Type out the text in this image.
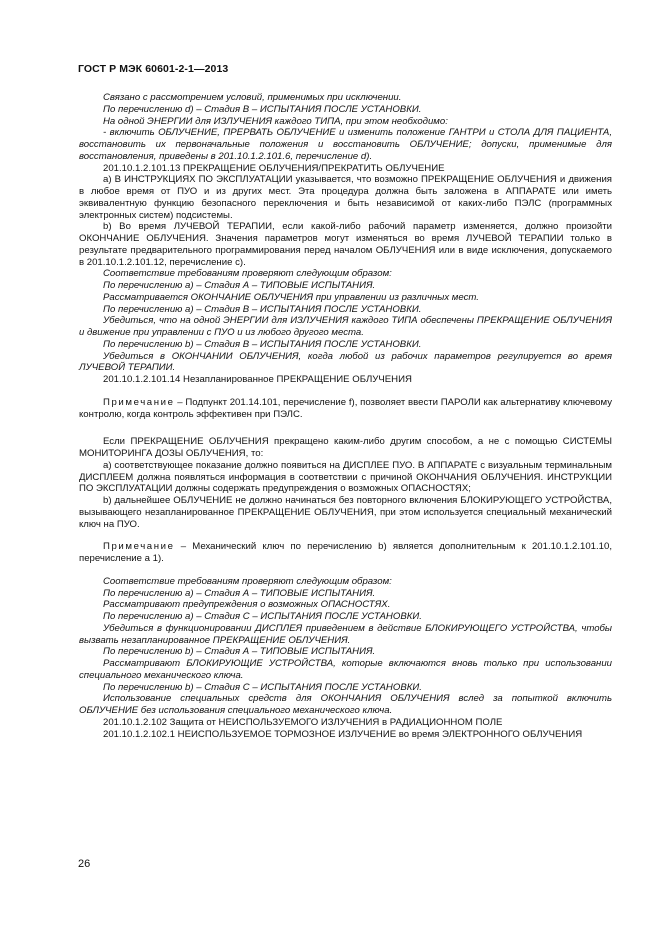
ГОСТ Р МЭК 60601-2-1—2013

Связано с рассмотрением условий, применимых при исключении.

По перечислению d) – Стадия В – ИСПЫТАНИЯ ПОСЛЕ УСТАНОВКИ.

На одной ЭНЕРГИИ для ИЗЛУЧЕНИЯ каждого ТИПА, при этом необходимо:

- включить ОБЛУЧЕНИЕ, ПРЕРВАТЬ ОБЛУЧЕНИЕ и изменить положение ГАНТРИ и СТОЛА ДЛЯ ПАЦИЕНТА, восстановить их первоначальные положения и восстановить ОБЛУЧЕНИЕ; допуски, применимые для восстановления, приведены в 201.10.1.2.101.6, перечисление d).

201.10.1.2.101.13 ПРЕКРАЩЕНИЕ ОБЛУЧЕНИЯ/ПРЕКРАТИТЬ ОБЛУЧЕНИЕ

а) В ИНСТРУКЦИЯХ ПО ЭКСПЛУАТАЦИИ указывается, что возможно ПРЕКРАЩЕНИЕ ОБЛУЧЕНИЯ и движения в любое время от ПУО и из других мест. Эта процедура должна быть заложена в АППАРАТЕ или иметь эквивалентную функцию безопасного переключения и быть независимой от каких-либо ПЭЛС (программных электронных систем) подсистемы.

b) Во время ЛУЧЕВОЙ ТЕРАПИИ, если какой-либо рабочий параметр изменяется, должно произойти ОКОНЧАНИЕ ОБЛУЧЕНИЯ. Значения параметров могут изменяться во время ЛУЧЕВОЙ ТЕРАПИИ только в результате предварительного программирования перед началом ОБЛУЧЕНИЯ или в виде исключения, допускаемого в 201.10.1.2.101.12, перечисление с).

Соответствие требованиям проверяют следующим образом:

По перечислению а) – Стадия А – ТИПОВЫЕ ИСПЫТАНИЯ.

Рассматривается ОКОНЧАНИЕ ОБЛУЧЕНИЯ при управлении из различных мест.

По перечислению а) – Стадия В – ИСПЫТАНИЯ ПОСЛЕ УСТАНОВКИ.

Убедиться, что на одной ЭНЕРГИИ для ИЗЛУЧЕНИЯ каждого ТИПА обеспечены ПРЕКРАЩЕНИЕ ОБЛУЧЕНИЯ и движение при управлении с ПУО и из любого другого места.

По перечислению b) – Стадия В – ИСПЫТАНИЯ ПОСЛЕ УСТАНОВКИ.

Убедиться в ОКОНЧАНИИ ОБЛУЧЕНИЯ, когда любой из рабочих параметров регулируется во время ЛУЧЕВОЙ ТЕРАПИИ.

201.10.1.2.101.14 Незапланированное ПРЕКРАЩЕНИЕ ОБЛУЧЕНИЯ

Примечание – Подпункт 201.14.101, перечисление f), позволяет ввести ПАРОЛИ как альтернативу ключевому контролю, когда контроль эффективен при ПЭЛС.

Если ПРЕКРАЩЕНИЕ ОБЛУЧЕНИЯ прекращено каким-либо другим способом, а не с помощью СИСТЕМЫ МОНИТОРИНГА ДОЗЫ ОБЛУЧЕНИЯ, то:

а) соответствующее показание должно появиться на ДИСПЛЕЕ ПУО. В АППАРАТЕ с визуальным терминальным ДИСПЛЕЕМ должна появляться информация в соответствии с причиной ОКОНЧАНИЯ ОБЛУЧЕНИЯ. ИНСТРУКЦИИ ПО ЭКСПЛУАТАЦИИ должны содержать предупреждения о возможных ОПАСНОСТЯХ;

b) дальнейшее ОБЛУЧЕНИЕ не должно начинаться без повторного включения БЛОКИРУЮЩЕГО УСТРОЙСТВА, вызывающего незапланированное ПРЕКРАЩЕНИЕ ОБЛУЧЕНИЯ, при этом используется специальный механический ключ на ПУО.

Примечание – Механический ключ по перечислению b) является дополнительным к 201.10.1.2.101.10, перечисление а 1).

Соответствие требованиям проверяют следующим образом:

По перечислению а) – Стадия А – ТИПОВЫЕ ИСПЫТАНИЯ.

Рассматривают предупреждения о возможных ОПАСНОСТЯХ.

По перечислению а) – Стадия С – ИСПЫТАНИЯ ПОСЛЕ УСТАНОВКИ.

Убедиться в функционировании ДИСПЛЕЯ приведением в действие БЛОКИРУЮЩЕГО УСТРОЙСТВА, чтобы вызвать незапланированное ПРЕКРАЩЕНИЕ ОБЛУЧЕНИЯ.

По перечислению b) – Стадия А – ТИПОВЫЕ ИСПЫТАНИЯ.

Рассматривают БЛОКИРУЮЩИЕ УСТРОЙСТВА, которые включаются вновь только при использовании специального механического ключа.

По перечислению b) – Стадия С – ИСПЫТАНИЯ ПОСЛЕ УСТАНОВКИ.

Использование специальных средств для ОКОНЧАНИЯ ОБЛУЧЕНИЯ вслед за попыткой включить ОБЛУЧЕНИЕ без использования специального механического ключа.

201.10.1.2.102 Защита от НЕИСПОЛЬЗУЕМОГО ИЗЛУЧЕНИЯ в РАДИАЦИОННОМ ПОЛЕ

201.10.1.2.102.1 НЕИСПОЛЬЗУЕМОЕ ТОРМОЗНОЕ ИЗЛУЧЕНИЕ во время ЭЛЕКТРОННОГО ОБЛУЧЕНИЯ

26
